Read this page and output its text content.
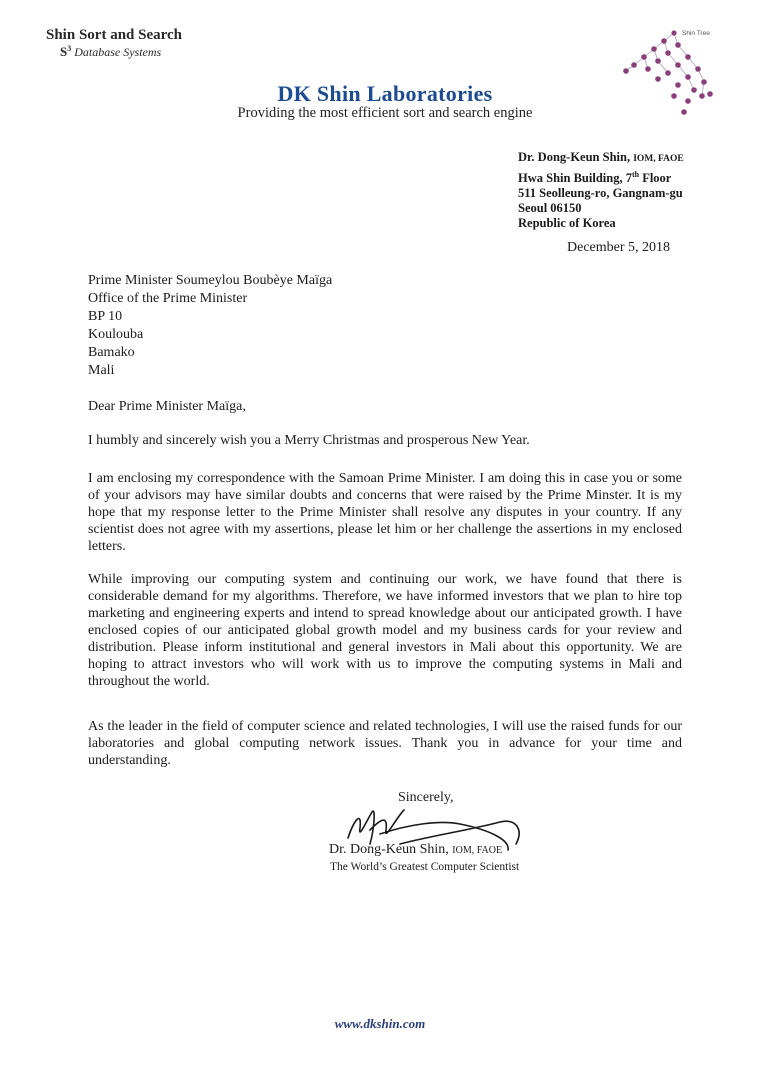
Shin Sort and Search
$S^3$ Database Systems
Shin Tree
DK Shin Laboratories
Providing the most efficient sort and search engine
Dr. Dong-Keun Shin, IOM, FAOE
Hwa Shin Building, 7th Floor
511 Seolleung-ro, Gangnam-gu
Seoul 06150
Republic of Korea
December 5, 2018
Prime Minister Soumeylou Boubèye Maïga
Office of the Prime Minister
BP 10
Koulouba
Bamako
Mali
Dear Prime Minister Maïga,
I humbly and sincerely wish you a Merry Christmas and prosperous New Year.
I am enclosing my correspondence with the Samoan Prime Minister. I am doing this in case you or some of your advisors may have similar doubts and concerns that were raised by the Prime Minster. It is my hope that my response letter to the Prime Minister shall resolve any disputes in your country. If any scientist does not agree with my assertions, please let him or her challenge the assertions in my enclosed letters.
While improving our computing system and continuing our work, we have found that there is considerable demand for my algorithms. Therefore, we have informed investors that we plan to hire top marketing and engineering experts and intend to spread knowledge about our anticipated growth. I have enclosed copies of our anticipated global growth model and my business cards for your review and distribution. Please inform institutional and general investors in Mali about this opportunity. We are hoping to attract investors who will work with us to improve the computing systems in Mali and throughout the world.
As the leader in the field of computer science and related technologies, I will use the raised funds for our laboratories and global computing network issues. Thank you in advance for your time and understanding.
Sincerely,
Dr. Dong-Keun Shin, IOM, FAOE
The World’s Greatest Computer Scientist
www.dkshin.com
